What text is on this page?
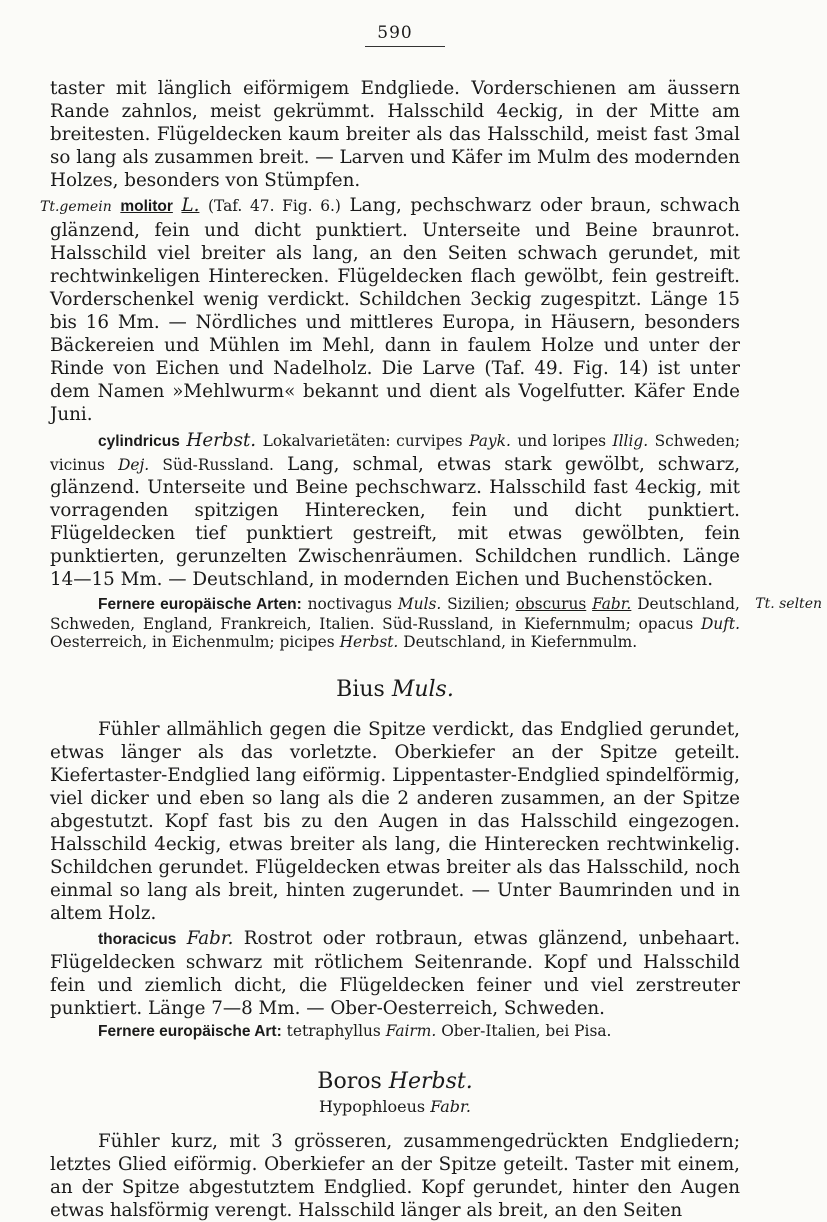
590

taster mit länglich eiförmigem Endgliede. Vorderschienen am äussern Rande zahnlos, meist gekrümmt. Halsschild 4eckig, in der Mitte am breitesten. Flügeldecken kaum breiter als das Halsschild, meist fast 3mal so lang als zusammen breit. — Larven und Käfer im Mulm des modernden Holzes, besonders von Stümpfen.

Tt.gemein molitor L. (Taf. 47. Fig. 6.) Lang, pechschwarz oder braun, schwach glänzend, fein und dicht punktiert. Unterseite und Beine braunrot. Halsschild viel breiter als lang, an den Seiten schwach gerundet, mit rechtwinkeligen Hinterecken. Flügeldecken flach gewölbt, fein gestreift. Vorderschenkel wenig verdickt. Schildchen 3eckig zugespitzt. Länge 15 bis 16 Mm. — Nördliches und mittleres Europa, in Häusern, besonders Bäckereien und Mühlen im Mehl, dann in faulem Holze und unter der Rinde von Eichen und Nadelholz. Die Larve (Taf. 49. Fig. 14) ist unter dem Namen »Mehlwurm« bekannt und dient als Vogelfutter. Käfer Ende Juni.

cylindricus Herbst. Lokalvarietäten: curvipes Payk. und loripes Illig. Schweden; vicinus Dej. Süd-Russland. Lang, schmal, etwas stark gewölbt, schwarz, glänzend. Unterseite und Beine pechschwarz. Halsschild fast 4eckig, mit vorragenden spitzigen Hinterecken, fein und dicht punktiert. Flügeldecken tief punktiert gestreift, mit etwas gewölbten, fein punktierten, gerunzelten Zwischenräumen. Schildchen rundlich. Länge 14—15 Mm. — Deutschland, in modernden Eichen und Buchenstöcken.

Fernere europäische Arten: noctivagus Muls. Sizilien; obscurus Fabr. Deutschland, Schweden, England, Frankreich, Italien. Süd-Russland, in Kiefernmulm; opacus Duft. Oesterreich, in Eichenmulm; picipes Herbst. Deutschland, in Kiefernmulm.
Tt. selten

Bius Muls.

Fühler allmählich gegen die Spitze verdickt, das Endglied gerundet, etwas länger als das vorletzte. Oberkiefer an der Spitze geteilt. Kiefertaster-Endglied lang eiförmig. Lippentaster-Endglied spindelförmig, viel dicker und eben so lang als die 2 anderen zusammen, an der Spitze abgestutzt. Kopf fast bis zu den Augen in das Halsschild eingezogen. Halsschild 4eckig, etwas breiter als lang, die Hinterecken rechtwinkelig. Schildchen gerundet. Flügeldecken etwas breiter als das Halsschild, noch einmal so lang als breit, hinten zugerundet. — Unter Baumrinden und in altem Holz.

thoracicus Fabr. Rostrot oder rotbraun, etwas glänzend, unbehaart. Flügeldecken schwarz mit rötlichem Seitenrande. Kopf und Halsschild fein und ziemlich dicht, die Flügeldecken feiner und viel zerstreuter punktiert. Länge 7—8 Mm. — Ober-Oesterreich, Schweden.

Fernere europäische Art: tetraphyllus Fairm. Ober-Italien, bei Pisa.

Boros Herbst.
Hypophloeus Fabr.

Fühler kurz, mit 3 grösseren, zusammengedrückten Endgliedern; letztes Glied eiförmig. Oberkiefer an der Spitze geteilt. Taster mit einem, an der Spitze abgestutztem Endglied. Kopf gerundet, hinter den Augen etwas halsförmig verengt. Halsschild länger als breit, an den Seiten
